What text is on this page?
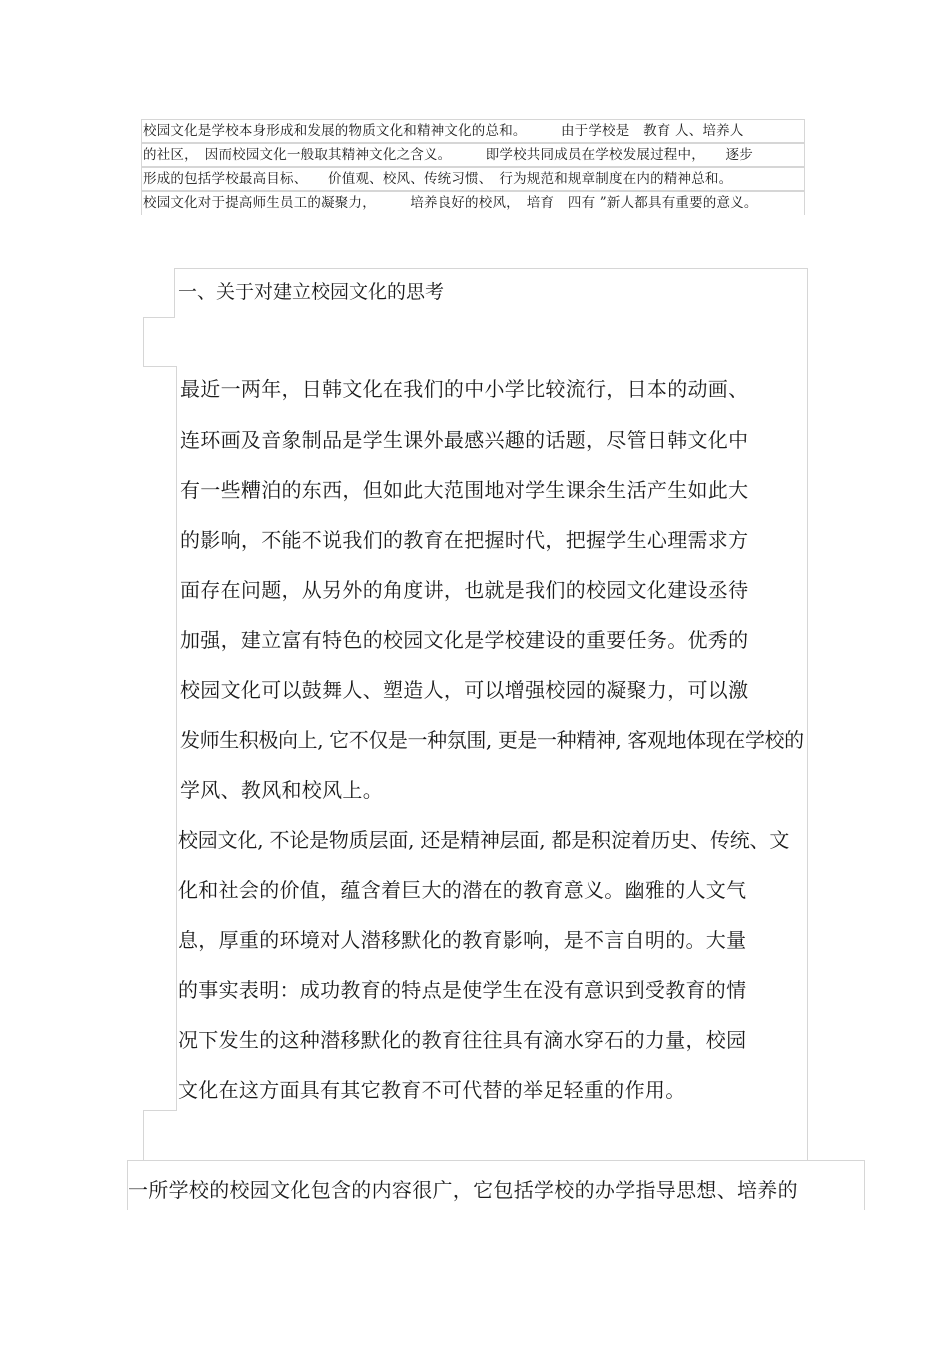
校园文化是学校本身形成和发展的物质文化和精神文化的总和。　　　由于学校是　教育 人、培养人
的社区，　因而校园文化一般取其精神文化之含义。　　　即学校共同成员在学校发展过程中，　　逐步
形成的包括学校最高目标、　　价值观、校风、传统习惯、　行为规范和规章制度在内的精神总和。
校园文化对于提高师生员工的凝聚力，　　　培养良好的校风，　培育　四有 ”新人都具有重要的意义。
一、关于对建立校园文化的思考
最近一两年，日韩文化在我们的中小学比较流行，日本的动画、
连环画及音象制品是学生课外最感兴趣的话题，尽管日韩文化中
有一些糟泊的东西，但如此大范围地对学生课余生活产生如此大
的影响，不能不说我们的教育在把握时代，把握学生心理需求方
面存在问题，从另外的角度讲，也就是我们的校园文化建设丞待
加强，建立富有特色的校园文化是学校建设的重要任务。优秀的
校园文化可以鼓舞人、塑造人，可以增强校园的凝聚力，可以激
发师生积极向上, 它不仅是一种氛围, 更是一种精神, 客观地体现在学校的
学风、教风和校风上。
校园文化, 不论是物质层面, 还是精神层面, 都是积淀着历史、传统、文
化和社会的价值，蕴含着巨大的潜在的教育意义。幽雅的人文气
息，厚重的环境对人潜移默化的教育影响，是不言自明的。大量
的事实表明：成功教育的特点是使学生在没有意识到受教育的情
况下发生的这种潜移默化的教育往往具有滴水穿石的力量，校园
文化在这方面具有其它教育不可代替的举足轻重的作用。
一所学校的校园文化包含的内容很广，它包括学校的办学指导思想、培养的
